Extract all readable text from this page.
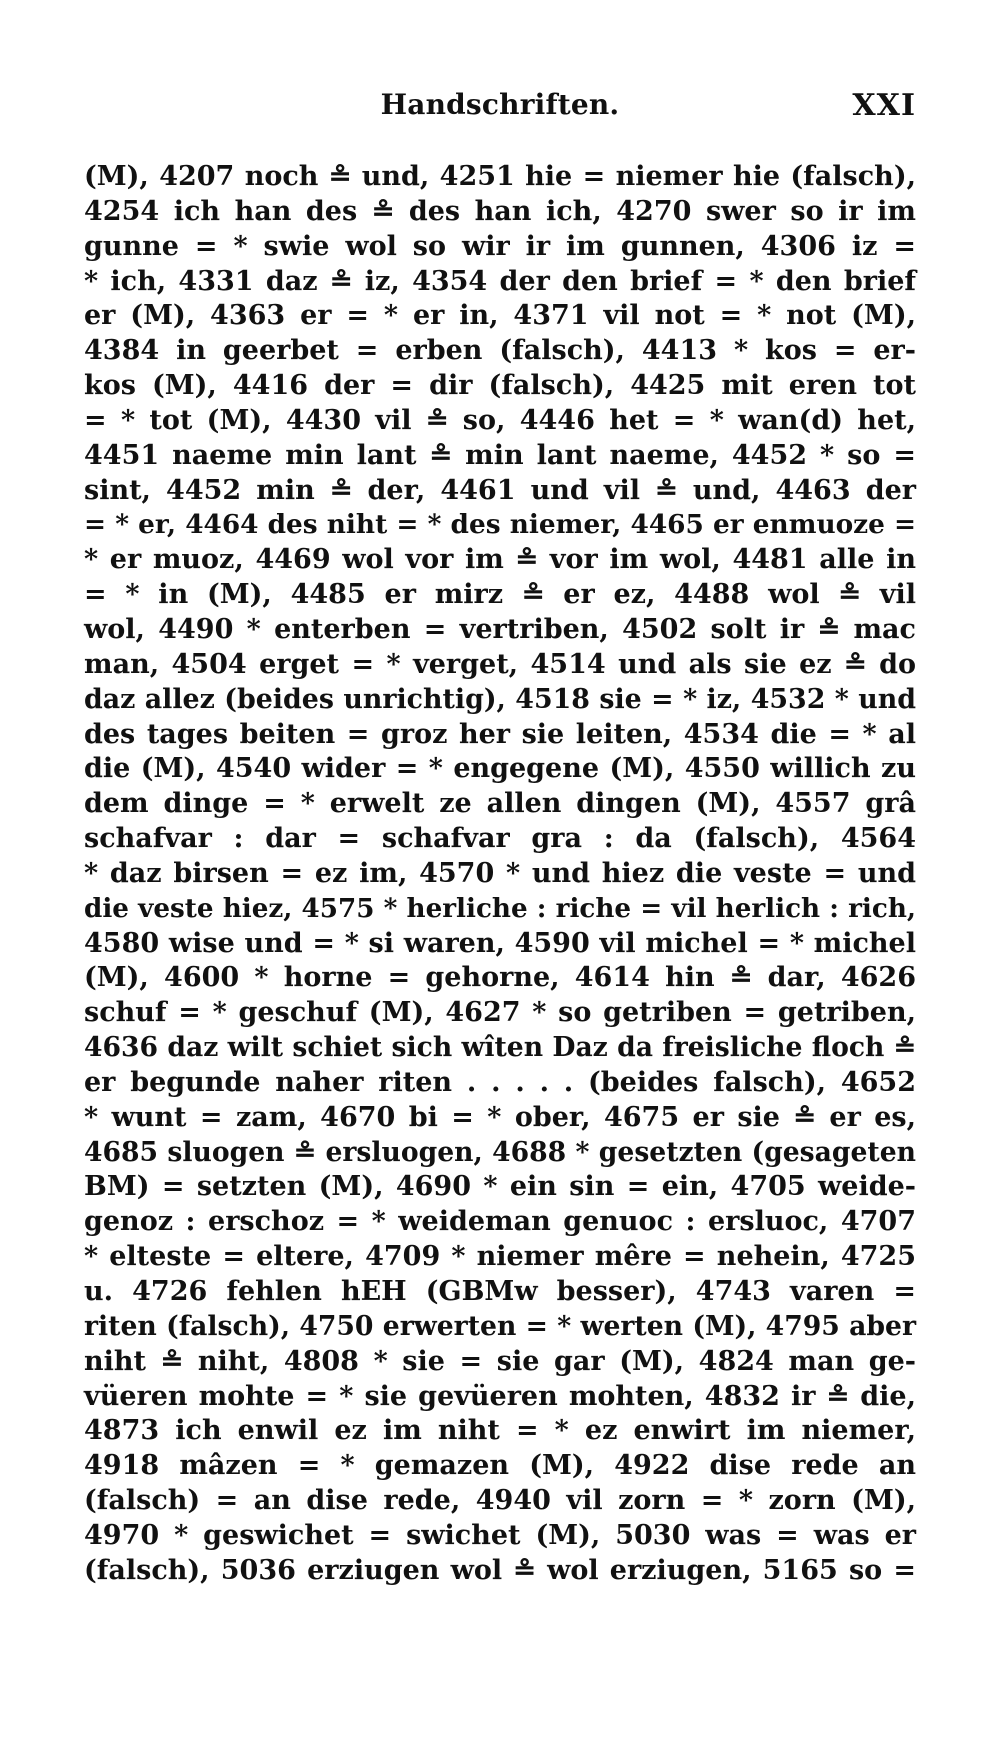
Handschriften.	XXI
(M), 4207 noch ≗ und, 4251 hie = niemer hie (falsch),
4254 ich han des ≗ des han ich, 4270 swer so ir im
gunne = * swie wol so wir ir im gunnen, 4306 iz =
* ich, 4331 daz ≗ iz, 4354 der den brief = * den brief
er (M), 4363 er = * er in, 4371 vil not = * not (M),
4384 in geerbet = erben (falsch), 4413 * kos = er-
kos (M), 4416 der = dir (falsch), 4425 mit eren tot
= * tot (M), 4430 vil ≗ so, 4446 het = * wan(d) het,
4451 naeme min lant ≗ min lant naeme, 4452 * so =
sint, 4452 min ≗ der, 4461 und vil ≗ und, 4463 der
= * er, 4464 des niht = * des niemer, 4465 er enmuoze =
* er muoz, 4469 wol vor im ≗ vor im wol, 4481 alle in
= * in (M), 4485 er mirz ≗ er ez, 4488 wol ≗ vil
wol, 4490 * enterben = vertriben, 4502 solt ir ≗ mac
man, 4504 erget = * verget, 4514 und als sie ez ≗ do
daz allez (beides unrichtig), 4518 sie = * iz, 4532 * und
des tages beiten = groz her sie leiten, 4534 die = * al
die (M), 4540 wider = * engegene (M), 4550 willich zu
dem dinge = * erwelt ze allen dingen (M), 4557 grâ
schafvar : dar = schafvar gra : da (falsch), 4564
* daz birsen = ez im, 4570 * und hiez die veste = und
die veste hiez, 4575 * herliche : riche = vil herlich : rich,
4580 wise und = * si waren, 4590 vil michel = * michel
(M), 4600 * horne = gehorne, 4614 hin ≗ dar, 4626
schuf = * geschuf (M), 4627 * so getriben = getriben,
4636 daz wilt schiet sich wîten Daz da freisliche floch ≗
er begunde naher riten . . . . . (beides falsch), 4652
* wunt = zam, 4670 bi = * ober, 4675 er sie ≗ er es,
4685 sluogen ≗ ersluogen, 4688 * gesetzten (gesageten
BM) = setzten (M), 4690 * ein sin = ein, 4705 weide-
genoz : erschoz = * weideman genuoc : ersluoc, 4707
* elteste = eltere, 4709 * niemer mêre = nehein, 4725
u. 4726 fehlen hEH (GBMw besser), 4743 varen =
riten (falsch), 4750 erwerten = * werten (M), 4795 aber
niht ≗ niht, 4808 * sie = sie gar (M), 4824 man ge-
vüeren mohte = * sie gevüeren mohten, 4832 ir ≗ die,
4873 ich enwil ez im niht = * ez enwirt im niemer,
4918 mâzen = * gemazen (M), 4922 dise rede an
(falsch) = an dise rede, 4940 vil zorn = * zorn (M),
4970 * geswichet = swichet (M), 5030 was = was er
(falsch), 5036 erziugen wol ≗ wol erziugen, 5165 so =
